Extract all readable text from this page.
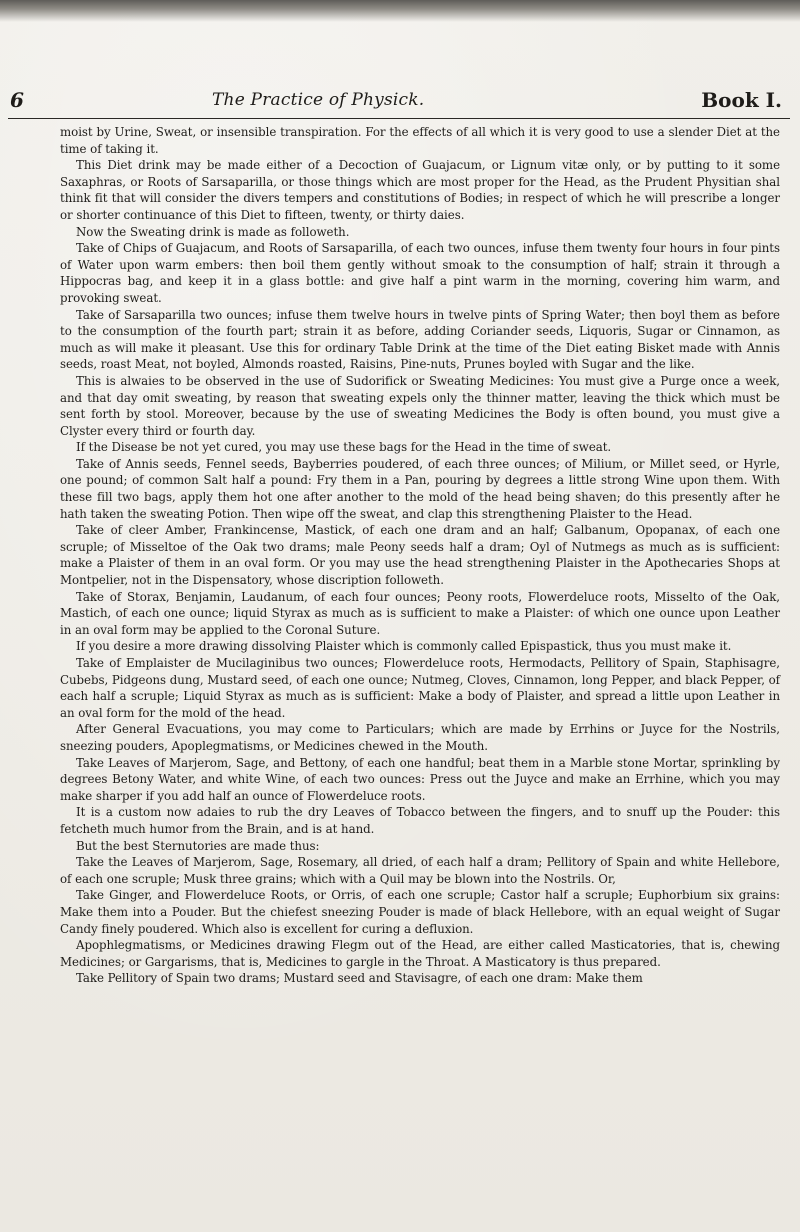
6	The Practice of Physick.	Book I.

moist by Urine, Sweat, or insensible transpiration. For the effects of all which it is very good to use a slender Diet at the time of taking it.

This Diet drink may be made either of a Decoction of Guajacum, or Lignum vitæ only, or by putting to it some Saxaphras, or Roots of Sarsaparilla, or those things which are most proper for the Head, as the Prudent Physitian shal think fit that will consider the divers tempers and constitutions of Bodies; in respect of which he will prescribe a longer or shorter continuance of this Diet to fifteen, twenty, or thirty daies.

Now the Sweating drink is made as followeth.

Take of Chips of Guajacum, and Roots of Sarsaparilla, of each two ounces, infuse them twenty four hours in four pints of Water upon warm embers: then boil them gently without smoak to the consumption of half; strain it through a Hippocras bag, and keep it in a glass bottle: and give half a pint warm in the morning, covering him warm, and provoking sweat.

Take of Sarsaparilla two ounces; infuse them twelve hours in twelve pints of Spring Water; then boyl them as before to the consumption of the fourth part; strain it as before, adding Coriander seeds, Liquoris, Sugar or Cinnamon, as much as will make it pleasant. Use this for ordinary Table Drink at the time of the Diet eating Bisket made with Annis seeds, roast Meat, not boyled, Almonds roasted, Raisins, Pine-nuts, Prunes boyled with Sugar and the like.

This is alwaies to be observed in the use of Sudorifick or Sweating Medicines: You must give a Purge once a week, and that day omit sweating, by reason that sweating expels only the thinner matter, leaving the thick which must be sent forth by stool. Moreover, because by the use of sweating Medicines the Body is often bound, you must give a Clyster every third or fourth day.

If the Disease be not yet cured, you may use these bags for the Head in the time of sweat.

Take of Annis seeds, Fennel seeds, Bayberries poudered, of each three ounces; of Milium, or Millet seed, or Hyrle, one pound; of common Salt half a pound: Fry them in a Pan, pouring by degrees a little strong Wine upon them. With these fill two bags, apply them hot one after another to the mold of the head being shaven; do this presently after he hath taken the sweating Potion. Then wipe off the sweat, and clap this strengthening Plaister to the Head.

Take of cleer Amber, Frankincense, Mastick, of each one dram and an half; Galbanum, Opopanax, of each one scruple; of Misseltoe of the Oak two drams; male Peony seeds half a dram; Oyl of Nutmegs as much as is sufficient: make a Plaister of them in an oval form. Or you may use the head strengthening Plaister in the Apothecaries Shops at Montpelier, not in the Dispensatory, whose discription followeth.

Take of Storax, Benjamin, Laudanum, of each four ounces; Peony roots, Flowerdeluce roots, Misselto of the Oak, Mastich, of each one ounce; liquid Styrax as much as is sufficient to make a Plaister: of which one ounce upon Leather in an oval form may be applied to the Coronal Suture.

If you desire a more drawing dissolving Plaister which is commonly called Epispastick, thus you must make it.

Take of Emplaister de Mucilaginibus two ounces; Flowerdeluce roots, Hermodacts, Pellitory of Spain, Staphisagre, Cubebs, Pidgeons dung, Mustard seed, of each one ounce; Nutmeg, Cloves, Cinnamon, long Pepper, and black Pepper, of each half a scruple; Liquid Styrax as much as is sufficient: Make a body of Plaister, and spread a little upon Leather in an oval form for the mold of the head.

After General Evacuations, you may come to Particulars; which are made by Errhins or Juyce for the Nostrils, sneezing pouders, Apoplegmatisms, or Medicines chewed in the Mouth.

Take Leaves of Marjerom, Sage, and Bettony, of each one handful; beat them in a Marble stone Mortar, sprinkling by degrees Betony Water, and white Wine, of each two ounces: Press out the Juyce and make an Errhine, which you may make sharper if you add half an ounce of Flowerdeluce roots.

It is a custom now adaies to rub the dry Leaves of Tobacco between the fingers, and to snuff up the Pouder: this fetcheth much humor from the Brain, and is at hand.

But the best Sternutories are made thus:

Take the Leaves of Marjerom, Sage, Rosemary, all dried, of each half a dram; Pellitory of Spain and white Hellebore, of each one scruple; Musk three grains; which with a Quil may be blown into the Nostrils. Or,

Take Ginger, and Flowerdeluce Roots, or Orris, of each one scruple; Castor half a scruple; Euphorbium six grains: Make them into a Pouder. But the chiefest sneezing Pouder is made of black Hellebore, with an equal weight of Sugar Candy finely poudered. Which also is excellent for curing a defluxion.

Apophlegmatisms, or Medicines drawing Flegm out of the Head, are either called Masticatories, that is, chewing Medicines; or Gargarisms, that is, Medicines to gargle in the Throat. A Masticatory is thus prepared.

Take Pellitory of Spain two drams; Mustard seed and Stavisagre, of each one dram: Make them
